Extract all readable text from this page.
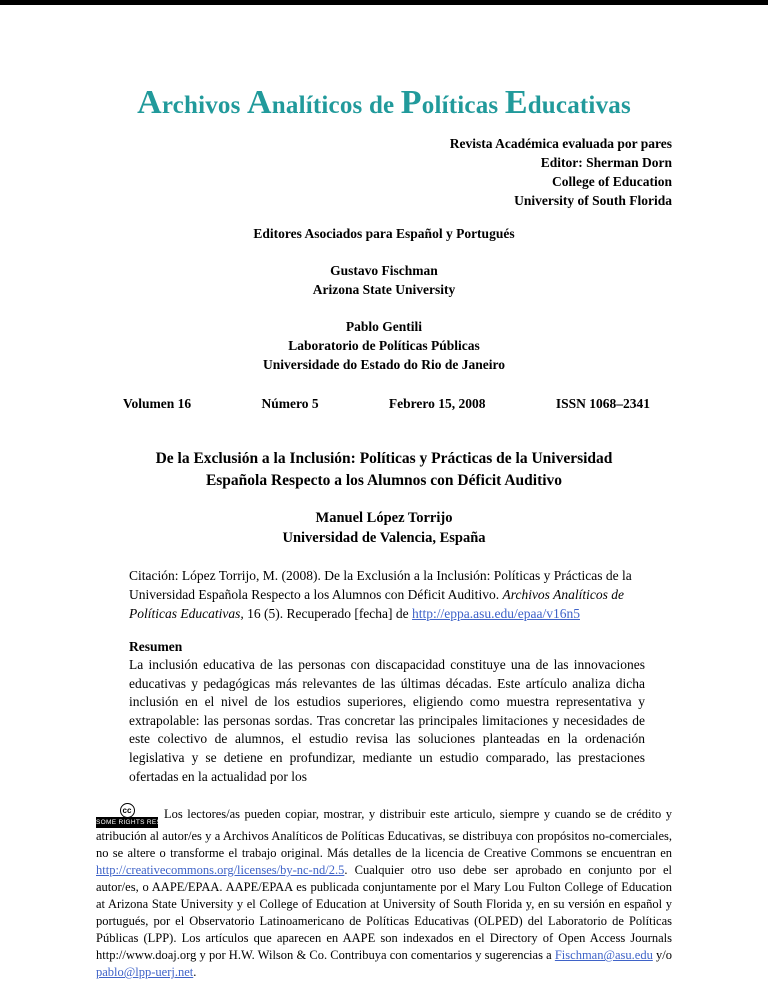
Archivos Analíticos de Políticas Educativas
Revista Académica evaluada por pares
Editor: Sherman Dorn
College of Education
University of South Florida
Editores Asociados para Español y Portugués
Gustavo Fischman
Arizona State University
Pablo Gentili
Laboratorio de Políticas Públicas
Universidade do Estado do Rio de Janeiro
Volumen 16	Número 5	Febrero 15, 2008	ISSN 1068–2341
De la Exclusión a la Inclusión: Políticas y Prácticas de la Universidad
Española Respecto a los Alumnos con Déficit Auditivo
Manuel López Torrijo
Universidad de Valencia, España

Citación: López Torrijo, M. (2008). De la Exclusión a la Inclusión: Políticas y Prácticas de la Universidad Española Respecto a los Alumnos con Déficit Auditivo. Archivos Analíticos de Políticas Educativas, 16 (5). Recuperado [fecha] de http://eppa.asu.edu/epaa/v16n5

Resumen

La inclusión educativa de las personas con discapacidad constituye una de las innovaciones educativas y pedagógicas más relevantes de las últimas décadas. Este artículo analiza dicha inclusión en el nivel de los estudios superiores, eligiendo como muestra representativa y extrapolable: las personas sordas. Tras concretar las principales limitaciones y necesidades de este colectivo de alumnos, el estudio revisa las soluciones planteadas en la ordenación legislativa y se detiene en profundizar, mediante un estudio comparado, las prestaciones ofertadas en la actualidad por los

cc
SOME RIGHTS RESERVED
Los lectores/as pueden copiar, mostrar, y distribuir este articulo, siempre y cuando se de crédito y atribución al autor/es y a Archivos Analíticos de Políticas Educativas, se distribuya con propósitos no-comerciales, no se altere o transforme el trabajo original. Más detalles de la licencia de Creative Commons se encuentran en http://creativecommons.org/licenses/by-nc-nd/2.5. Cualquier otro uso debe ser aprobado en conjunto por el autor/es, o AAPE/EPAA. AAPE/EPAA es publicada conjuntamente por el Mary Lou Fulton College of Education at Arizona State University y el College of Education at University of South Florida y, en su versión en español y portugués, por el Observatorio Latinoamericano de Políticas Educativas (OLPED) del Laboratorio de Políticas Públicas (LPP). Los artículos que aparecen en AAPE son indexados en el Directory of Open Access Journals http://www.doaj.org y por H.W. Wilson & Co. Contribuya con comentarios y sugerencias a Fischman@asu.edu y/o pablo@lpp-uerj.net.
